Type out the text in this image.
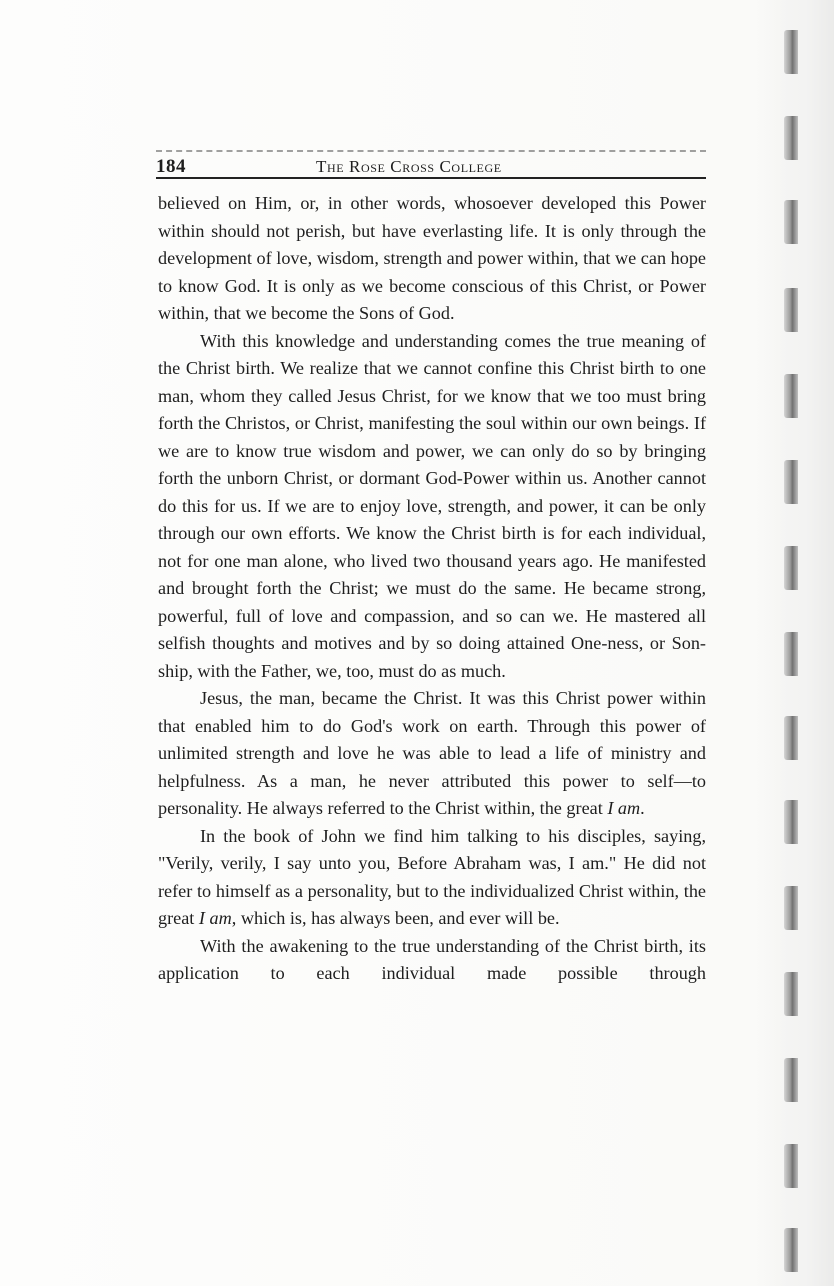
184	The Rose Cross College

believed on Him, or, in other words, whosoever developed this Power within should not perish, but have everlasting life. It is only through the development of love, wisdom, strength and power within, that we can hope to know God. It is only as we become conscious of this Christ, or Power within, that we become the Sons of God.

With this knowledge and understanding comes the true meaning of the Christ birth. We realize that we cannot confine this Christ birth to one man, whom they called Jesus Christ, for we know that we too must bring forth the Christos, or Christ, manifesting the soul within our own beings. If we are to know true wisdom and power, we can only do so by bringing forth the unborn Christ, or dormant God-Power within us. Another cannot do this for us. If we are to enjoy love, strength, and power, it can be only through our own efforts. We know the Christ birth is for each individual, not for one man alone, who lived two thousand years ago. He manifested and brought forth the Christ; we must do the same. He became strong, powerful, full of love and compassion, and so can we. He mastered all selfish thoughts and motives and by so doing attained One-ness, or Son-ship, with the Father, we, too, must do as much.

Jesus, the man, became the Christ. It was this Christ power within that enabled him to do God's work on earth. Through this power of unlimited strength and love he was able to lead a life of ministry and helpfulness. As a man, he never attributed this power to self—to personality. He always referred to the Christ within, the great I am.

In the book of John we find him talking to his disciples, saying, "Verily, verily, I say unto you, Before Abraham was, I am." He did not refer to himself as a personality, but to the individualized Christ within, the great I am, which is, has always been, and ever will be.

With the awakening to the true understanding of the Christ birth, its application to each individual made possible through
